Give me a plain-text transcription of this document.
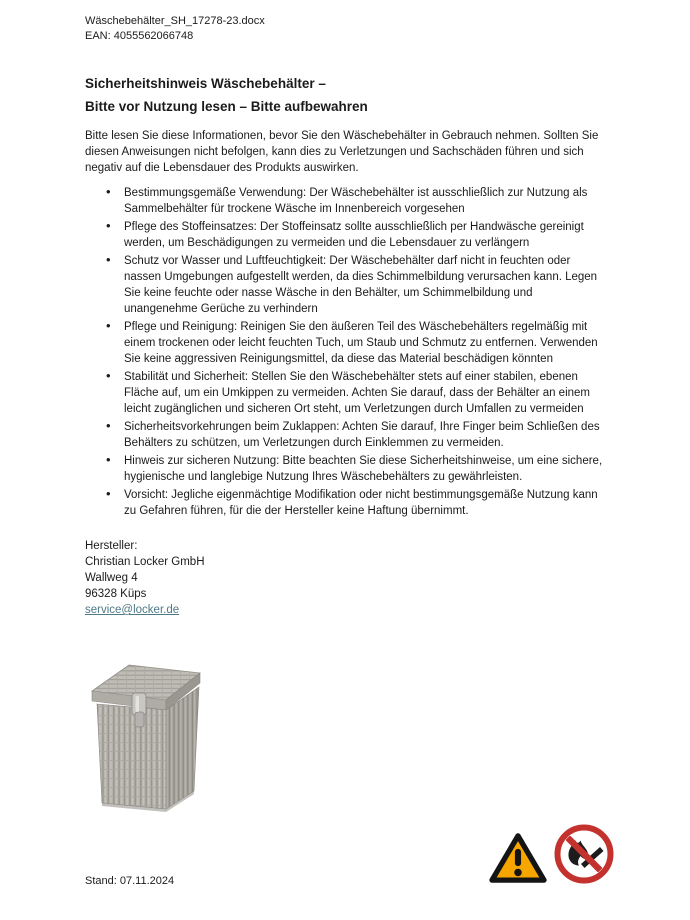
Wäschebehälter_SH_17278-23.docx
EAN: 4055562066748
Sicherheitshinweis Wäschebehälter –
Bitte vor Nutzung lesen – Bitte aufbewahren

Bitte lesen Sie diese Informationen, bevor Sie den Wäschebehälter in Gebrauch nehmen. Sollten Sie diesen Anweisungen nicht befolgen, kann dies zu Verletzungen und Sachschäden führen und sich negativ auf die Lebensdauer des Produkts auswirken.

• Bestimmungsgemäße Verwendung: Der Wäschebehälter ist ausschließlich zur Nutzung als Sammelbehälter für trockene Wäsche im Innenbereich vorgesehen
• Pflege des Stoffeinsatzes: Der Stoffeinsatz sollte ausschließlich per Handwäsche gereinigt werden, um Beschädigungen zu vermeiden und die Lebensdauer zu verlängern
• Schutz vor Wasser und Luftfeuchtigkeit: Der Wäschebehälter darf nicht in feuchten oder nassen Umgebungen aufgestellt werden, da dies Schimmelbildung verursachen kann. Legen Sie keine feuchte oder nasse Wäsche in den Behälter, um Schimmelbildung und unangenehme Gerüche zu verhindern
• Pflege und Reinigung: Reinigen Sie den äußeren Teil des Wäschebehälters regelmäßig mit einem trockenen oder leicht feuchten Tuch, um Staub und Schmutz zu entfernen. Verwenden Sie keine aggressiven Reinigungsmittel, da diese das Material beschädigen könnten
• Stabilität und Sicherheit: Stellen Sie den Wäschebehälter stets auf einer stabilen, ebenen Fläche auf, um ein Umkippen zu vermeiden. Achten Sie darauf, dass der Behälter an einem leicht zugänglichen und sicheren Ort steht, um Verletzungen durch Umfallen zu vermeiden
• Sicherheitsvorkehrungen beim Zuklappen: Achten Sie darauf, Ihre Finger beim Schließen des Behälters zu schützen, um Verletzungen durch Einklemmen zu vermeiden.
• Hinweis zur sicheren Nutzung: Bitte beachten Sie diese Sicherheitshinweise, um eine sichere, hygienische und langlebige Nutzung Ihres Wäschebehälters zu gewährleisten.
• Vorsicht: Jegliche eigenmächtige Modifikation oder nicht bestimmungsgemäße Nutzung kann zu Gefahren führen, für die der Hersteller keine Haftung übernimmt.
Hersteller:
Christian Locker GmbH
Wallweg 4
96328 Küps
service@locker.de
Stand: 07.11.2024
